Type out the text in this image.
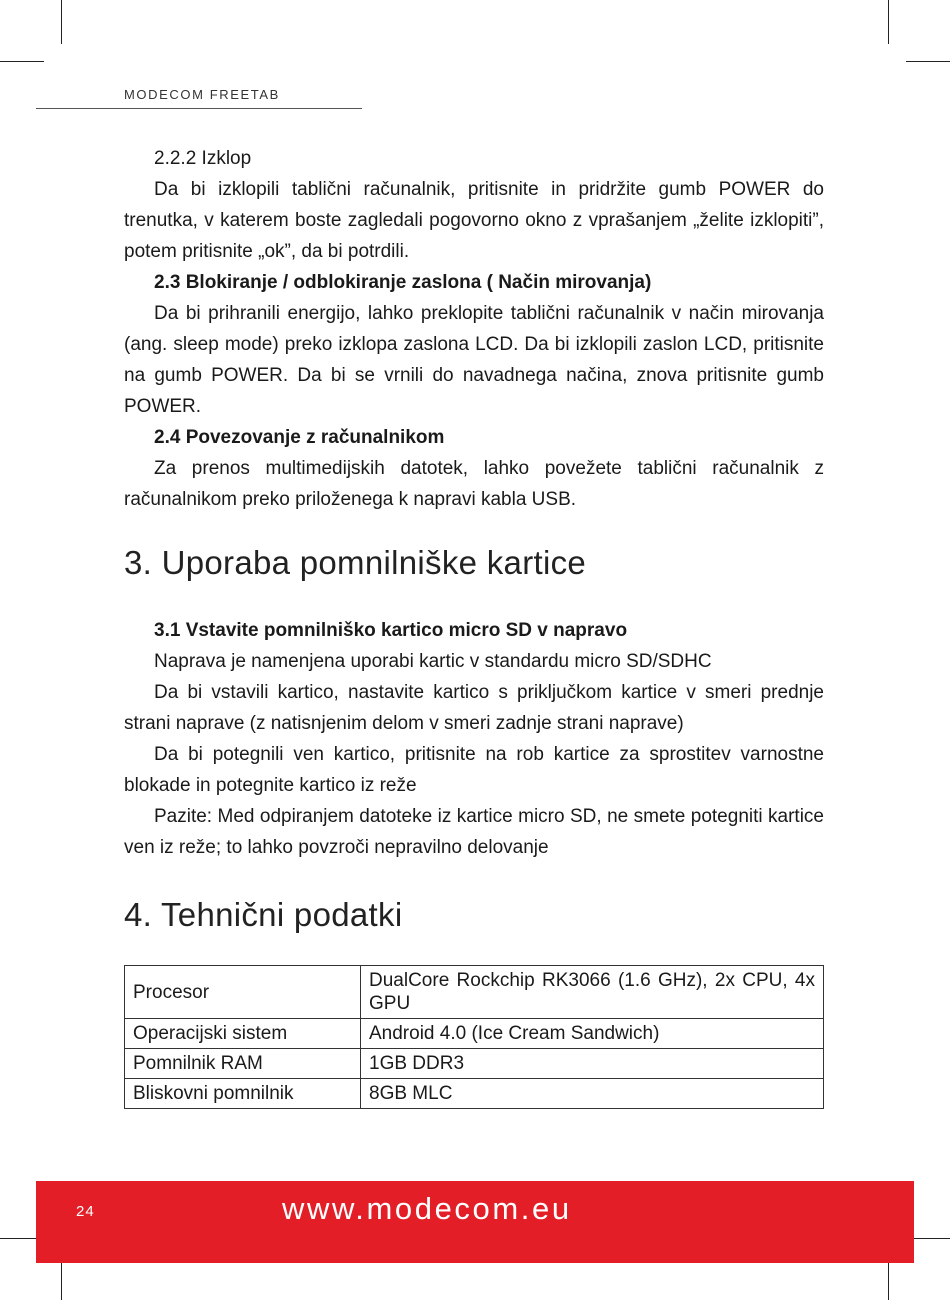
MODECOM FREETAB
2.2.2 Izklop

Da bi izklopili tablični računalnik, pritisnite in pridržite gumb POWER do trenutka, v katerem boste zagledali pogovorno okno z vprašanjem „želite izklopiti”, potem pritisnite „ok”, da bi potrdili.

2.3 Blokiranje / odblokiranje zaslona ( Način mirovanja)

Da bi prihranili energijo, lahko preklopite tablični računalnik v način mirovanja (ang. sleep mode) preko izklopa zaslona LCD. Da bi izklopili zaslon LCD, pritisnite na gumb POWER. Da bi se vrnili do navadnega načina, znova pritisnite gumb POWER.

2.4 Povezovanje z računalnikom

Za prenos multimedijskih datotek, lahko povežete tablični računalnik z računalnikom preko priloženega k napravi kabla USB.

3. Uporaba pomnilniške kartice
3.1 Vstavite pomnilniško kartico micro SD v napravo

Naprava je namenjena uporabi kartic v standardu micro SD/SDHC

Da bi vstavili kartico, nastavite kartico s priključkom kartice v smeri prednje strani naprave (z natisnjenim delom v smeri zadnje strani naprave)

Da bi potegnili ven kartico, pritisnite na rob kartice za sprostitev varnostne blokade in potegnite kartico iz reže

Pazite: Med odpiranjem datoteke iz kartice micro SD, ne smete potegniti kartice ven iz reže; to lahko povzroči nepravilno delovanje

4. Tehnični podatki
Procesor	DualCore Rockchip RK3066 (1.6 GHz), 2x CPU, 4x GPU
Operacijski sistem	Android 4.0 (Ice Cream Sandwich)
Pomnilnik RAM	1GB DDR3
Bliskovni pomnilnik	8GB MLC
24	www.modecom.eu
